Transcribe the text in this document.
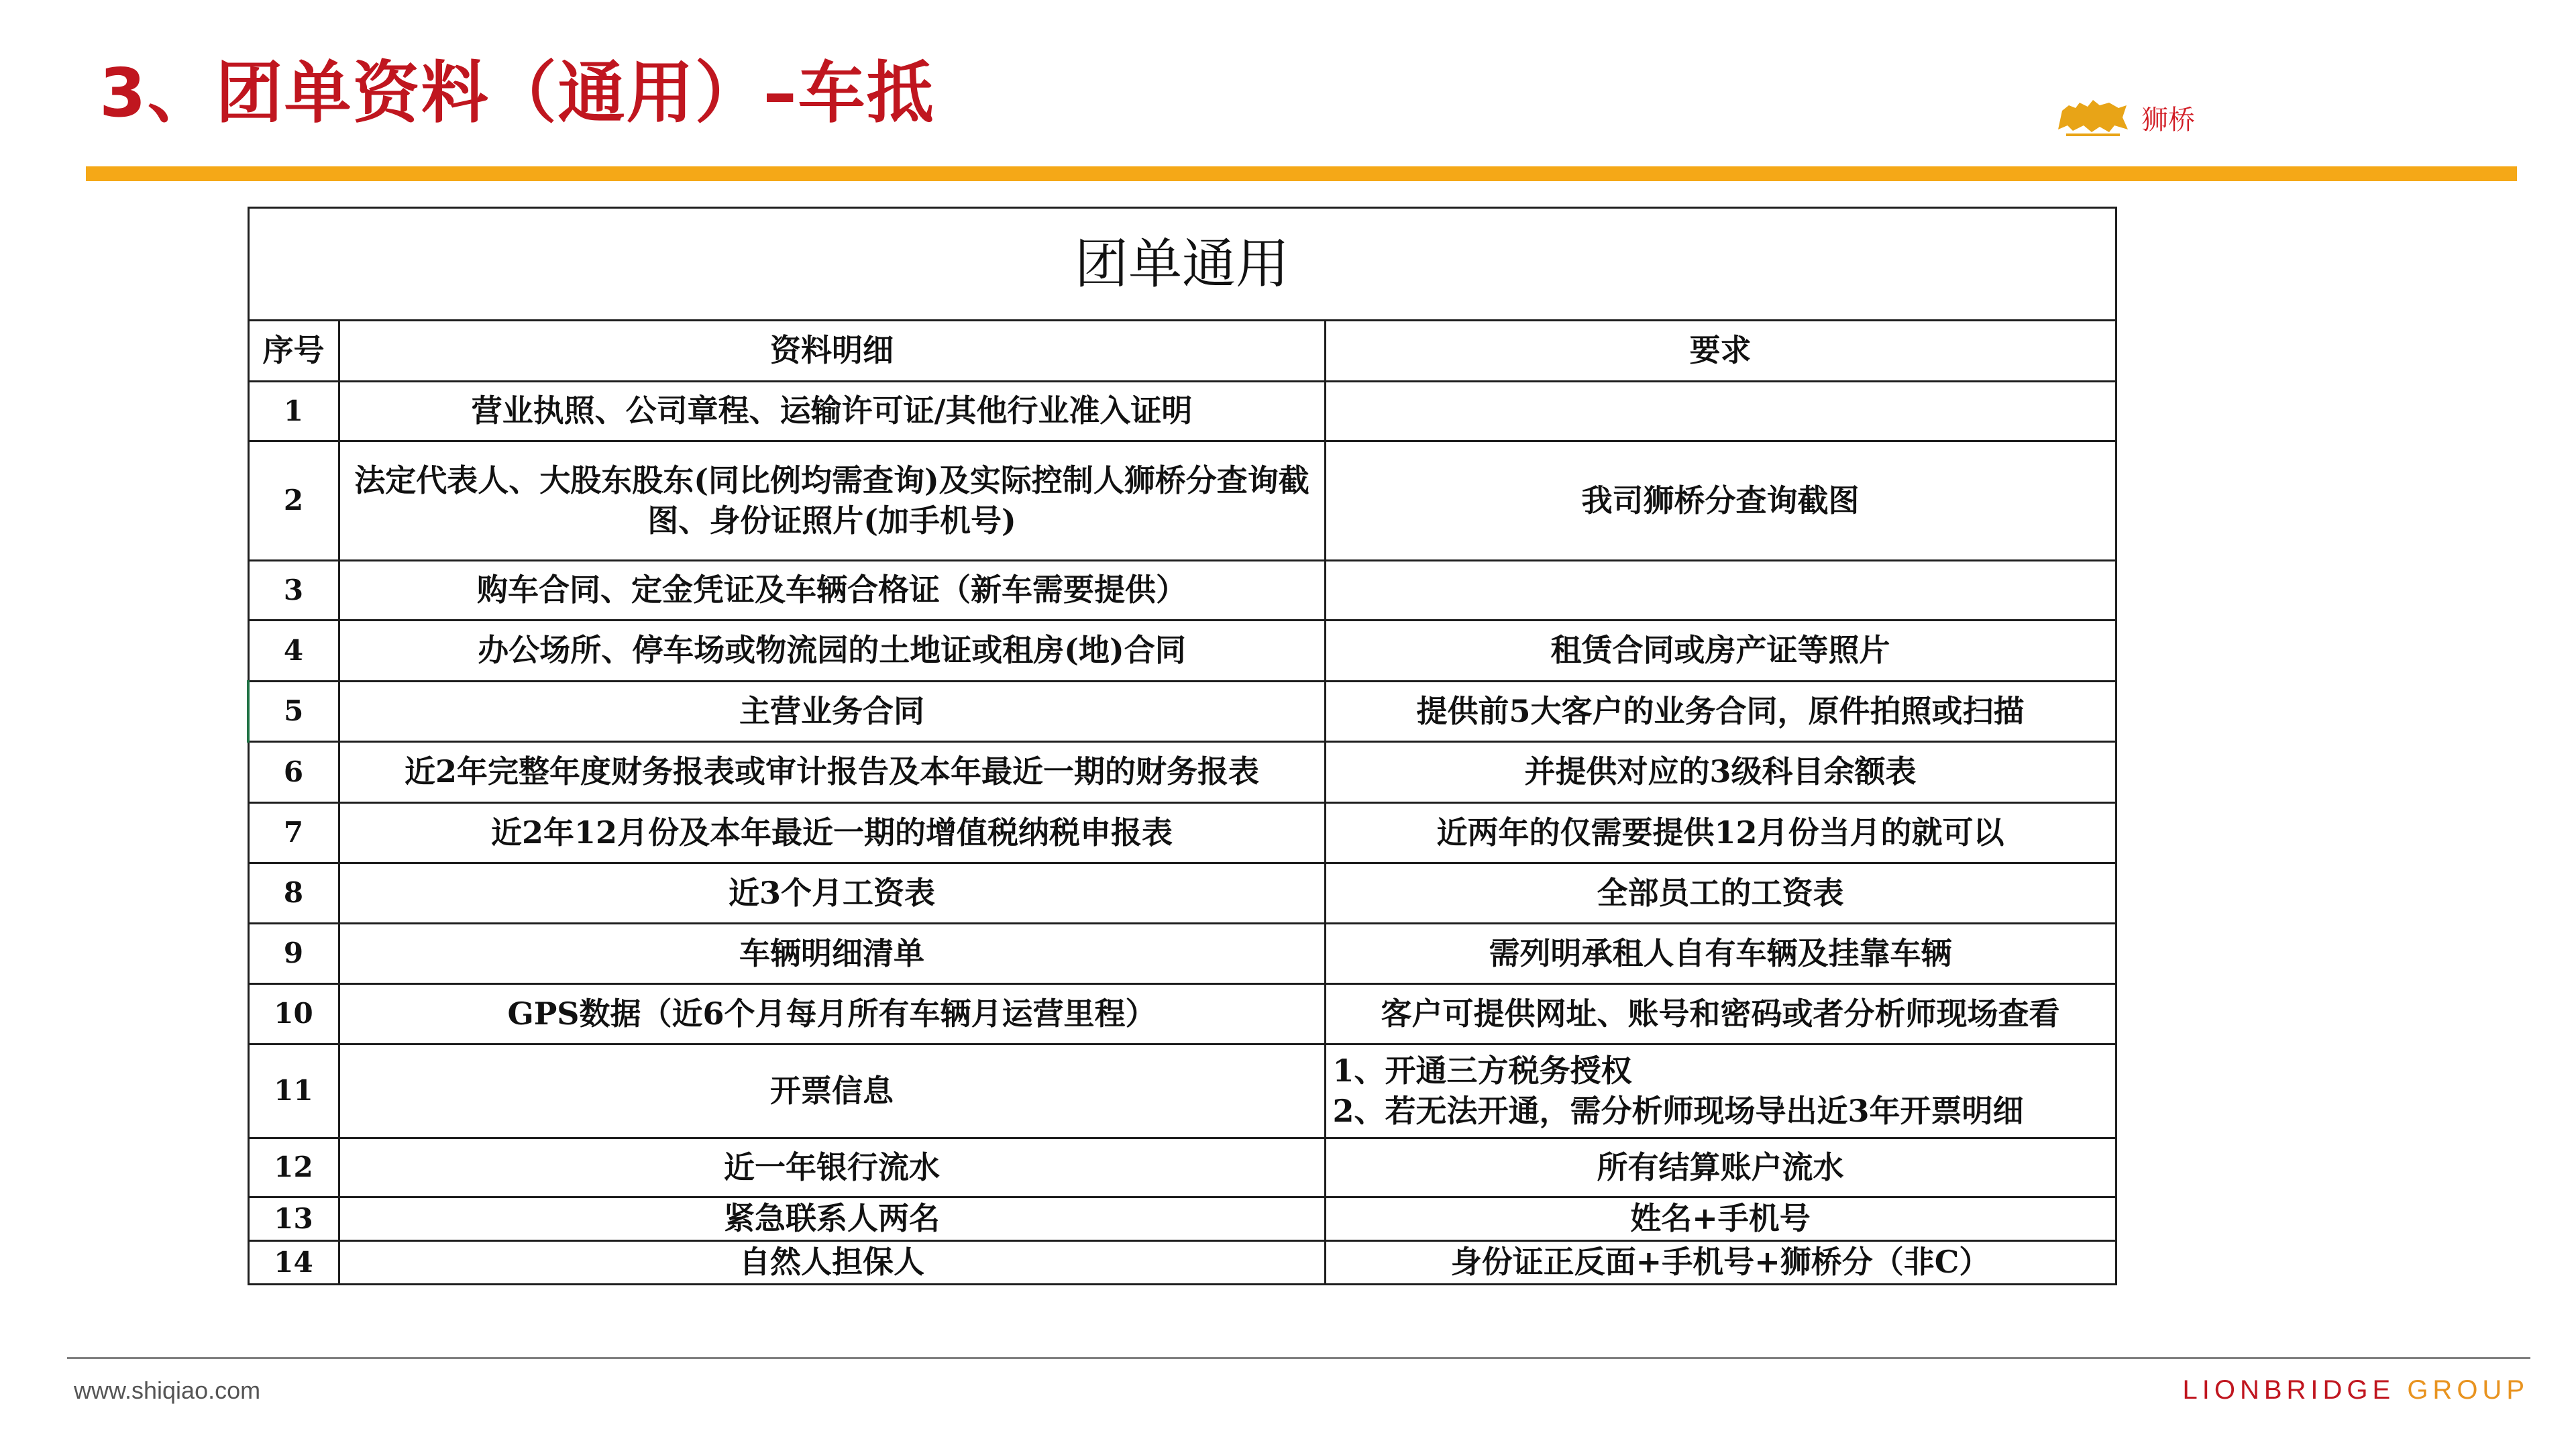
3、团单资料（通用）–车抵	狮桥
团单通用		
序号	资料明细	要求
1	营业执照、公司章程、运输许可证/其他行业准入证明	
2	法定代表人、大股东股东(同比例均需查询)及实际控制人狮桥分查询截图、身份证照片(加手机号)	我司狮桥分查询截图
3	购车合同、定金凭证及车辆合格证（新车需要提供）	
4	办公场所、停车场或物流园的土地证或租房(地)合同	租赁合同或房产证等照片
5	主营业务合同	提供前5大客户的业务合同，原件拍照或扫描
6	近2年完整年度财务报表或审计报告及本年最近一期的财务报表	并提供对应的3级科目余额表
7	近2年12月份及本年最近一期的增值税纳税申报表	近两年的仅需要提供12月份当月的就可以
8	近3个月工资表	全部员工的工资表
9	车辆明细清单	需列明承租人自有车辆及挂靠车辆
10	GPS数据（近6个月每月所有车辆月运营里程）	客户可提供网址、账号和密码或者分析师现场查看
11	开票信息	1、开通三方税务授权
2、若无法开通，需分析师现场导出近3年开票明细

12	近一年银行流水	所有结算账户流水
13	紧急联系人两名	姓名+手机号
14	自然人担保人	身份证正反面+手机号+狮桥分（非C）
www.shiqiao.com	LIONBRIDGE GROUP
